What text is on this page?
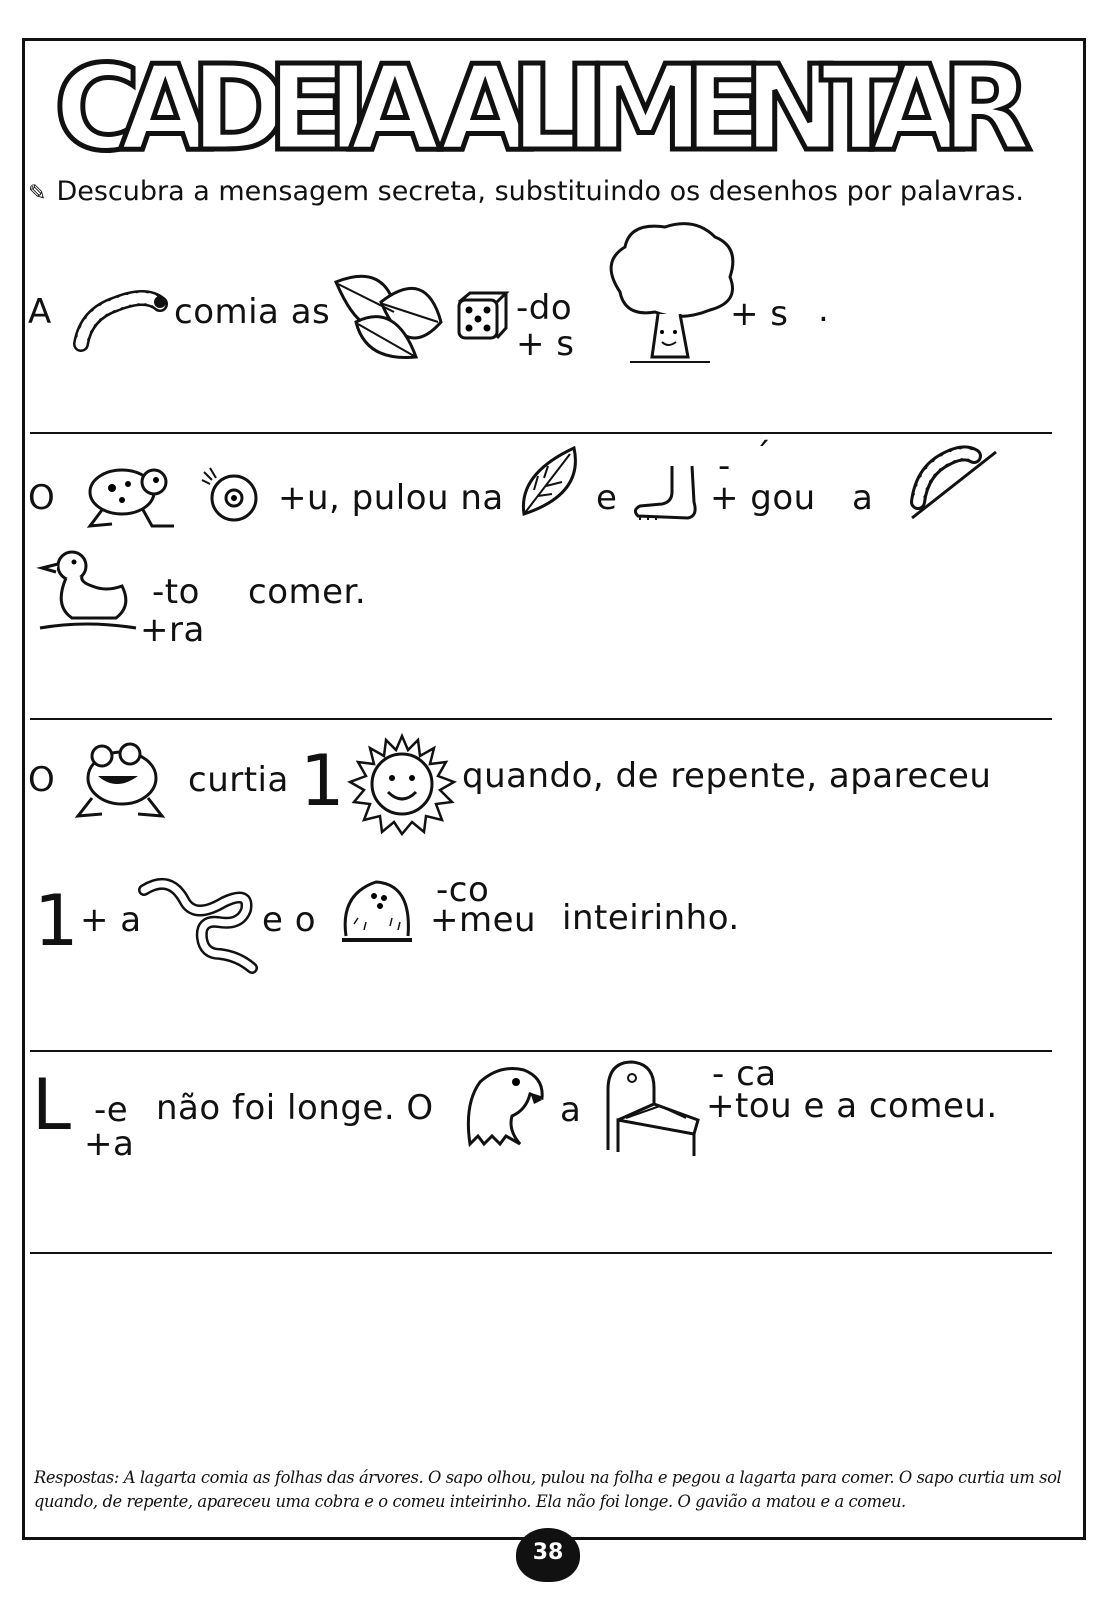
CADEIA ALIMENTAR
✎ Descubra a mensagem secreta, substituindo os desenhos por palavras.
A	comia as	-do
+ s
+ s .
O	+u, pulou na	e
- ´
+ gou a
-to
+ra
comer.
O	curtia 1	quando, de repente, apareceu
1 + a	e o
-co
+meu inteirinho.
L -e
+a
não foi longe. O	a
- ca
+tou e a comeu.
Respostas: A lagarta comia as folhas das árvores. O sapo olhou, pulou na folha e pegou a lagarta para comer. O sapo curtia um sol quando, de repente, apareceu uma cobra e o comeu inteirinho. Ela não foi longe. O gavião a matou e a comeu.
38
